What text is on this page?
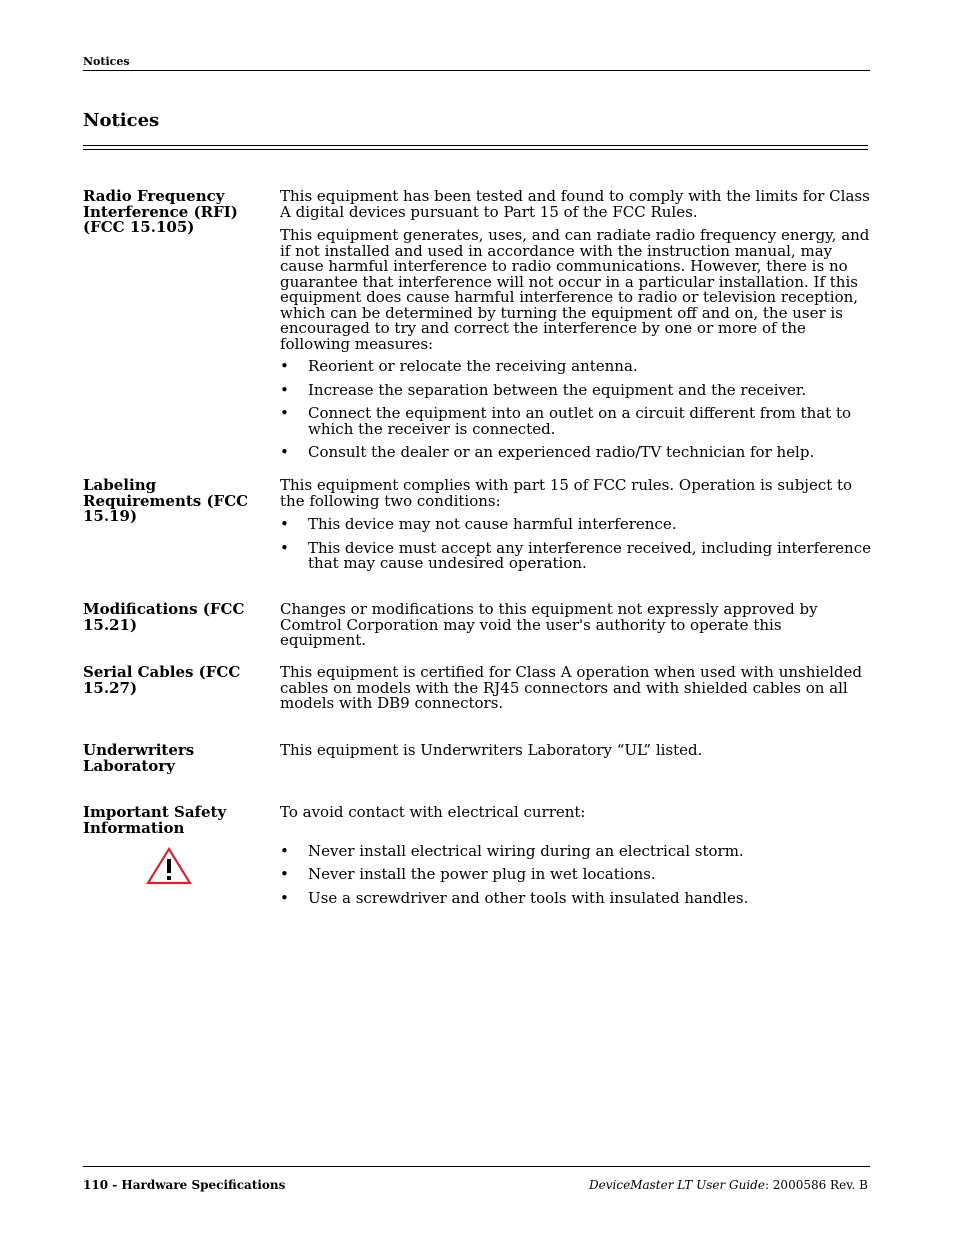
Notices
Notices
Radio Frequency Interference (RFI) (FCC 15.105)

This equipment has been tested and found to comply with the limits for Class A digital devices pursuant to Part 15 of the FCC Rules.

This equipment generates, uses, and can radiate radio frequency energy, and if not installed and used in accordance with the instruction manual, may cause harmful interference to radio communications. However, there is no guarantee that interference will not occur in a particular installation. If this equipment does cause harmful interference to radio or television reception, which can be determined by turning the equipment off and on, the user is encouraged to try and correct the interference by one or more of the following measures:

• Reorient or relocate the receiving antenna.
• Increase the separation between the equipment and the receiver.
• Connect the equipment into an outlet on a circuit different from that to which the receiver is connected.
• Consult the dealer or an experienced radio/TV technician for help.
Labeling Requirements (FCC 15.19)

This equipment complies with part 15 of FCC rules. Operation is subject to the following two conditions:

• This device may not cause harmful interference.
• This device must accept any interference received, including interference that may cause undesired operation.
Modifications (FCC 15.21)

Changes or modifications to this equipment not expressly approved by Comtrol Corporation may void the user's authority to operate this equipment.

Serial Cables (FCC 15.27)

This equipment is certified for Class A operation when used with unshielded cables on models with the RJ45 connectors and with shielded cables on all models with DB9 connectors.

Underwriters Laboratory

This equipment is Underwriters Laboratory “UL” listed.

Important Safety Information

To avoid contact with electrical current:

• Never install electrical wiring during an electrical storm.
• Never install the power plug in wet locations.
• Use a screwdriver and other tools with insulated handles.
110 - Hardware Specifications	DeviceMaster LT User Guide: 2000586 Rev. B
